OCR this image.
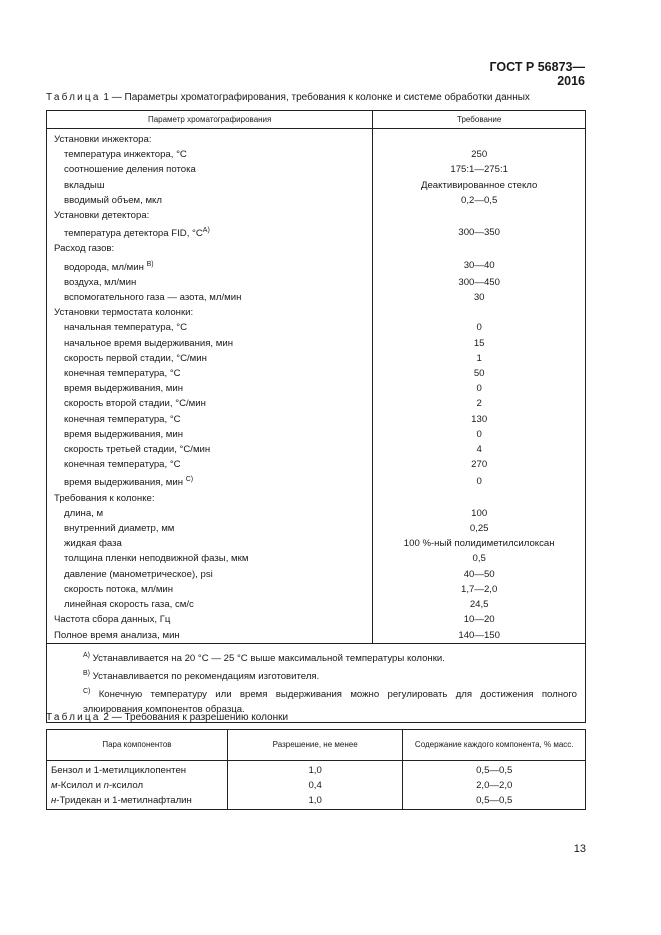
ГОСТ Р 56873—2016
Таблица 1 — Параметры хроматографирования, требования к колонке и системе обработки данных
Параметр хроматографирования	Требование
Установки инжектора:	
температура инжектора, °C	250
соотношение деления потока	175:1—275:1
вкладыш	Деактивированное стекло
вводимый объем, мкл	0,2—0,5
Установки детектора:	
температура детектора FID, $^\circ C^{A)}$	300—350
Расход газов:	
водорода, мл/мин $^{B)}$	30—40
воздуха, мл/мин	300—450
вспомогательного газа — азота, мл/мин	30
Установки термостата колонки:	
начальная температура, °C	0
начальное время выдерживания, мин	15
скорость первой стадии, °C/мин	1
конечная температура, °C	50
время выдерживания, мин	0
скорость второй стадии, °C/мин	2
конечная температура, °C	130
время выдерживания, мин	0
скорость третьей стадии, °C/мин	4
конечная температура, °C	270
время выдерживания, мин $^{C)}$	0
Требования к колонке:	
длина, м	100
внутренний диаметр, мм	0,25
жидкая фаза	100 %-ный полидиметилсилоксан
толщина пленки неподвижной фазы, мкм	0,5
давление (манометрическое), psi	40—50
скорость потока, мл/мин	1,7—2,0
линейная скорость газа, см/с	24,5
Частота сбора данных, Гц	10—20
Полное время анализа, мин	140—150

$^{A)}$ Устанавливается на 20 °C — 25 °C выше максимальной температуры колонки.
$^{B)}$ Устанавливается по рекомендациям изготовителя.
$^{C)}$ Конечную температуру или время выдерживания можно регулировать для достижения полного элюирования компонентов образца.	
Таблица 2 — Требования к разрешению колонки
Пара компонентов	Разрешение, не менее	Содержание каждого компонента, % масс.
Бензол и 1-метилциклопентен	1,0	0,5—0,5
м-Ксилол и n-ксилол	0,4	2,0—2,0
н-Тридекан и 1-метилнафталин	1,0	0,5—0,5
13
